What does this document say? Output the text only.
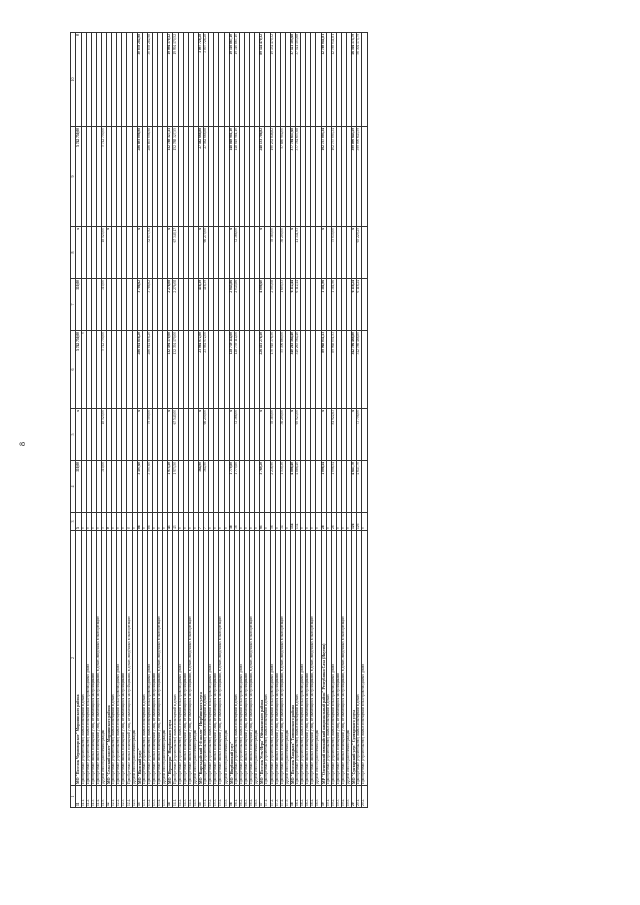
8
1	2	3	4	5	6	7	8	9	10
11	МО "Поселок Черноморское" Мирнинского района	5	310,00	x	5 742 750,00	310,00	x	5 742 750,00	0
11.1.	Приобретение (строительство) жилых помещений в домах	0			0				
11.2.	Приобретение (строительство) жилых помещений в быстровозводимых домах	0							
11.3.	Приобретение жилых помещений у лиц, не являющихся застройщиками	0							
11.4.	Приобретение жилых помещений у лиц, не являющихся застройщиками, в домах, введённых в эксплуатацию	0							
11.5.	Другой способ расселения граждан	5	310,00	18 525,00	5 742 750,00	310,00	18 525,00	5 742 750,00	
12	МО "Сельский наслег" Мирнинского района	0					x		
12.1.	Приобретение (строительство) жилых помещений в домах	0							
12.2.	Приобретение (строительство) жилых помещений в быстровозводимых домах	0							
12.3.	Приобретение жилых помещений у лиц, не являющихся застройщиками	0							
12.4.	Приобретение жилых помещений у лиц, не являющихся застройщиками, в домах, введённых в эксплуатацию	0							
12.5.	Другой способ расселения граждан	0							
13	МО "Намский улус"	86	3 597,60	x	286 014 816,20	3 786,62	x	286 893 098,98	30 878 282,98
13.1.	Приобретение (строительство) жилых помещений в домах	0							
13.2.	Приобретение (строительство) жилых помещений в быстровозводимых домах	86	3 597,60	79 509,00	286 014 816,20	3 786,62	32 077,92	286 893 098,98	30 878 282,98
13.3.	Приобретение жилых помещений у лиц, не являющихся застройщиками	0							
13.4.	Приобретение жилых помещений у лиц, не являющихся застройщиками, в домах, введённых в эксплуатацию	0							
13.5.	Другой способ расселения граждан	0							
14	МО "Нерюнгри" Нюрбинского улуса	43	1 973,50	x	132 394 170,00	2 276,08	x	152 788 327,55	19 994 170,52
14.1.	Приобретение (строительство) жилых помещений в домах	43	1 973,50	67 540,00	132 394 170,00	2 276,08	67 340,17	152 788 327,55	19 994 170,52
14.2.	Приобретение (строительство) жилых помещений в быстровозводимых домах	0							
14.3.	Приобретение жилых помещений у лиц, не являющихся застройщиками	0							
14.4.	Приобретение жилых помещений у лиц, не являющихся застройщиками, в домах, введённых в эксплуатацию	0							
14.5.	Другой способ расселения граждан	0							
15	МО "Кыргыдайский 1-й наслег" Нюрбинского улуса	7	364,90	x	23 984 972,00	416,39	x	27 582 668,88	3 097 728,28
15.1.	Приобретение (строительство) жилых помещений в домах	7	364,90	66 250,00	23 984 972,00	416,39	66 275,00	27 582 668,88	3 097 728,28
15.2.	Приобретение (строительство) жилых помещений в быстровозводимых домах	0							
15.3.	Приобретение жилых помещений у лиц, не являющихся застройщиками	0							
15.4.	Приобретение жилых помещений у лиц, не являющихся застройщиками, в домах, введённых в эксплуатацию	0							
15.5.	Другой способ расселения граждан	0							
16	МО "Нюрбинский улус"	38	1 779,80	x	128 739 114,00	2 045,86	x	148 049 981,10	19 310 867,10
16.1.	Приобретение (строительство) жилых помещений в домах	38	1 779,80	72 366,00	128 739 114,00	2 045,86	72 366,00	148 049 981,10	19 310 867,10
16.2.	Приобретение (строительство) жилых помещений в быстровозводимых домах	0							
16.3.	Приобретение жилых помещений у лиц, не являющихся застройщиками	0							
16.4.	Приобретение жилых помещений у лиц, не являющихся застройщиками, в домах, введённых в эксплуатацию	0							
16.5.	Другой способ расселения граждан	0							
17	МО "Поселок Усть-Нера" Оймяконского района	93	3 769,20	x	226 415 276,50	4 098,60	x	248 133 786,82	89 324 470,32
17.1.	Приобретение (строительство) жилых помещений в домах	0							
17.2.	Приобретение (строительство) жилых помещений в быстровозводимых домах	58	2 238,90	78 385,00	170 918 376,50	2 593,08	78 385,00	190 252 846,82	19 334 470,32
17.3.	Приобретение жилых помещений у лиц, не являющихся застройщиками	0							
17.4.	Приобретение жилых помещений у лиц, не являющихся застройщиками, в домах, введённых в эксплуатацию	34	1 530,30	36 200,00	55 396 860,00	1 605,53	36 200,00	57 880 904,00	
17.5.	Другой способ расселения граждан	0							
18	МО "Поселок Хандыга" Томпонского района	134	4 886,40	x	340 263 564,40	6 112,44	x	377 784 657,68	37 521 103,68
18.1.	Приобретение (строительство) жилых помещений в домах	134	4 886,40	69 923,00	340 263 564,40	6 112,44	41 341,93	377 784 657,68	37 521 103,68
18.2.	Приобретение (строительство) жилых помещений в быстровозводимых домах	0							
18.3.	Приобретение жилых помещений у лиц, не являющихся застройщиками	0							
18.4.	Приобретение жилых помещений у лиц, не являющихся застройщиками, в домах, введённых в эксплуатацию	0							
18.5.	Другой способ расселения граждан	0							
19	МР "Оленекский эвенкийский национальный район" Республики Саха (Якутия)	28	1 098,54	x	89 968 051,53	1 381,96	x	102 757 093,34	12 789 041,81
19.1.	Приобретение (строительство) жилых помещений в домах	0							
19.2.	Приобретение (строительство) жилых помещений в быстровозводимых домах	28	1 098,54	81 922,63	89 968 051,53	1 381,96	75 035,00	102 757 093,34	12 789 041,81
19.3.	Приобретение жилых помещений у лиц, не являющихся застройщиками	0							
19.4.	Приобретение жилых помещений у лиц, не являющихся застройщиками, в домах, введённых в эксплуатацию	0							
19.5.	Другой способ расселения граждан	0							
20	МО "Сунтарский улус" Сунтарского улуса	126	4 647,70	x	342 786 468,80	6 118,24	x	399 090 643,59	56 304 175,79
20.1.	Приобретение (строительство) жилых помещений в домах	126	4 647,70	73 756,00	342 786 468,80	6 118,24	65 229,25	399 090 643,59	56 304 175,79
20.2.	Приобретение (строительство) жилых помещений в быстровозводимых домах	0							
